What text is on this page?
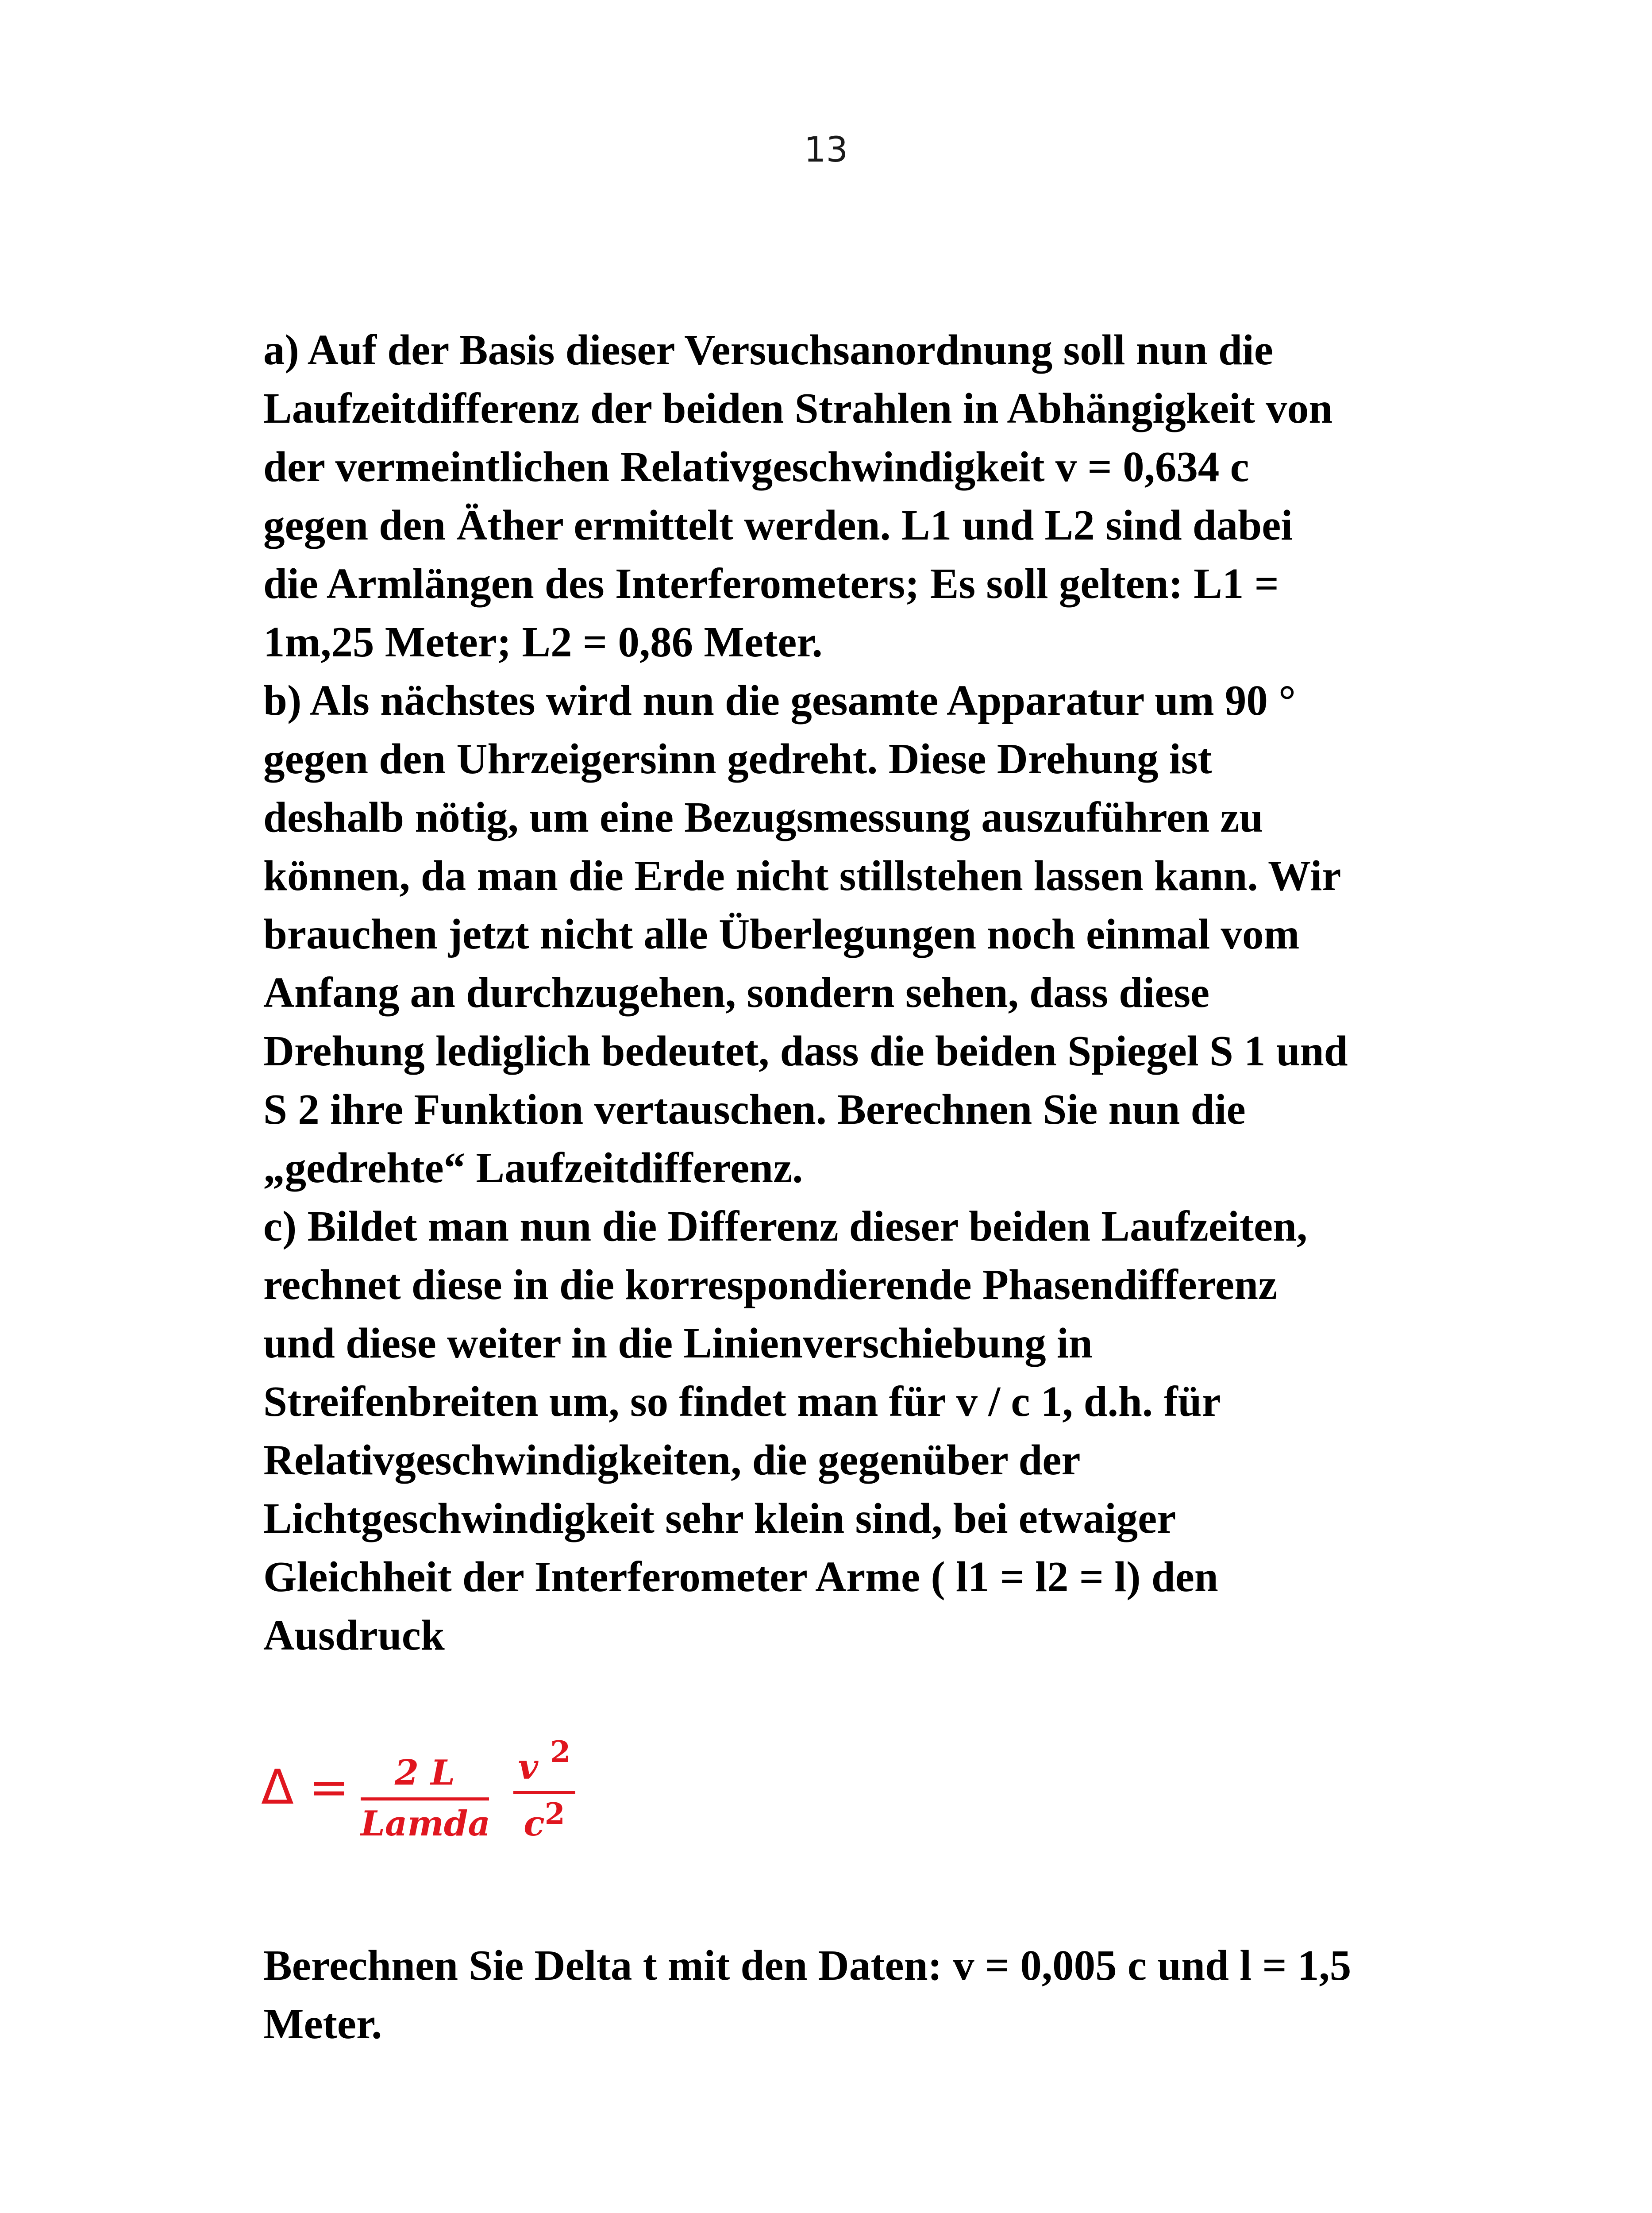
13
a) Auf der Basis dieser Versuchsanordnung soll nun die
Laufzeitdifferenz der beiden Strahlen in Abhängigkeit von
der vermeintlichen Relativgeschwindigkeit v = 0,634 c
gegen den Äther ermittelt werden. L1 und L2 sind dabei
die Armlängen des Interferometers; Es soll gelten: L1 =
1m,25 Meter; L2 = 0,86 Meter.
b) Als nächstes wird nun die gesamte Apparatur um 90 °
gegen den Uhrzeigersinn gedreht. Diese Drehung ist
deshalb nötig, um eine Bezugsmessung auszuführen zu
können, da man die Erde nicht stillstehen lassen kann. Wir
brauchen jetzt nicht alle Überlegungen noch einmal vom
Anfang an durchzugehen, sondern sehen, dass diese
Drehung lediglich bedeutet, dass die beiden Spiegel S 1 und
S 2 ihre Funktion vertauschen. Berechnen Sie nun die
„gedrehte“ Laufzeitdifferenz.
c) Bildet man nun die Differenz dieser beiden Laufzeiten,
rechnet diese in die korrespondierende Phasendifferenz
und diese weiter in die Linienverschiebung in
Streifenbreiten um, so findet man für v / c 1, d.h. für
Relativgeschwindigkeiten, die gegenüber der
Lichtgeschwindigkeit sehr klein sind, bei etwaiger
Gleichheit der Interferometer Arme ( l1 = l2 = l) den
Ausdruck
Δ =	2 L
Lamda
v $^2$
$c^2$
Berechnen Sie Delta t mit den Daten: v = 0,005 c und l = 1,5
Meter.
